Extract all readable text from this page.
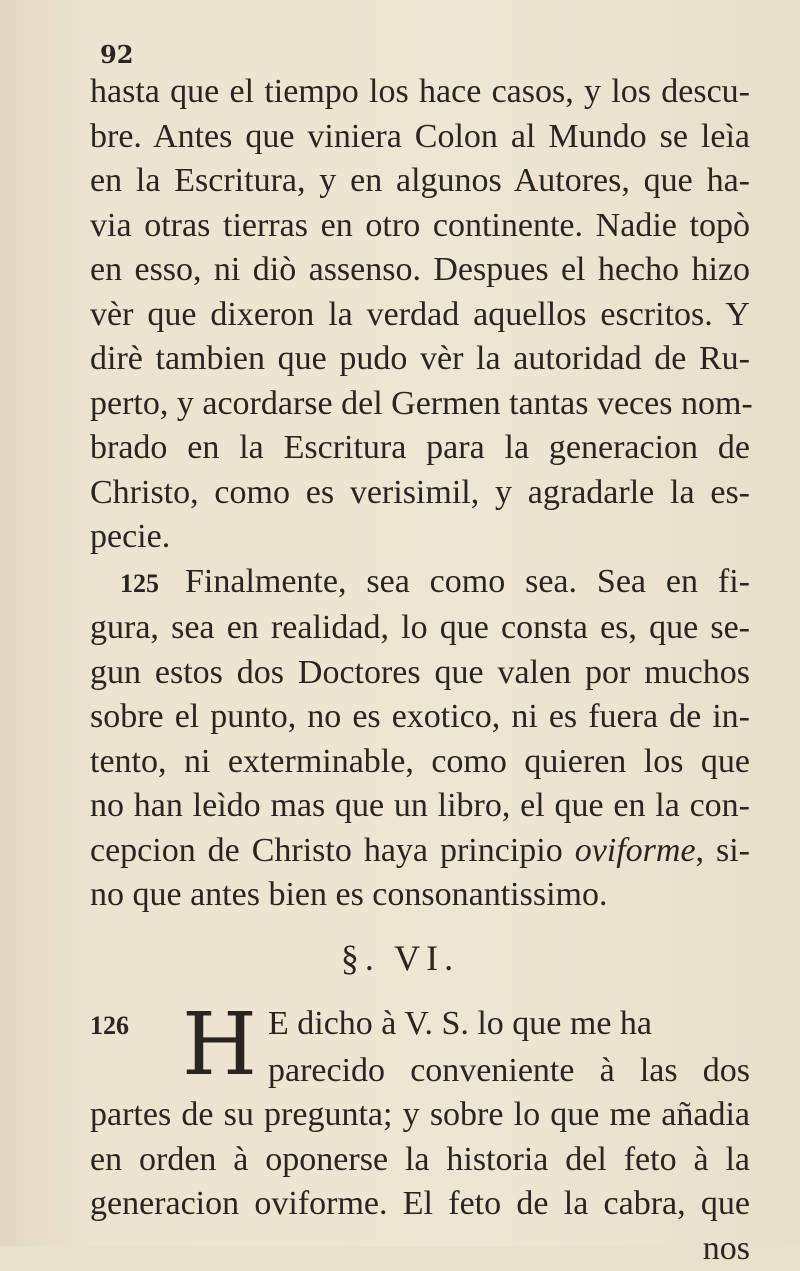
92
hasta que el tiempo los hace casos, y los descu-
bre. Antes que viniera Colon al Mundo se leìa
en la Escritura, y en algunos Autores, que ha-
via otras tierras en otro continente. Nadie topò
en esso, ni diò assenso. Despues el hecho hizo
vèr que dixeron la verdad aquellos escritos. Y
dirè tambien que pudo vèr la autoridad de Ru-
perto, y acordarse del Germen tantas veces nom-
brado en la Escritura para la generacion de
Christo, como es verisimil, y agradarle la es-
pecie.
125 Finalmente, sea como sea. Sea en fi-
gura, sea en realidad, lo que consta es, que se-
gun estos dos Doctores que valen por muchos
sobre el punto, no es exotico, ni es fuera de in-
tento, ni exterminable, como quieren los que
no han leìdo mas que un libro, el que en la con-
cepcion de Christo haya principio oviforme, si-
no que antes bien es consonantissimo.
§. VI.
H
126	E dicho à V. S. lo que me ha
parecido conveniente à las dos
partes de su pregunta; y sobre lo que me añadia
en orden à oponerse la historia del feto à la
generacion oviforme. El feto de la cabra, que
nos
